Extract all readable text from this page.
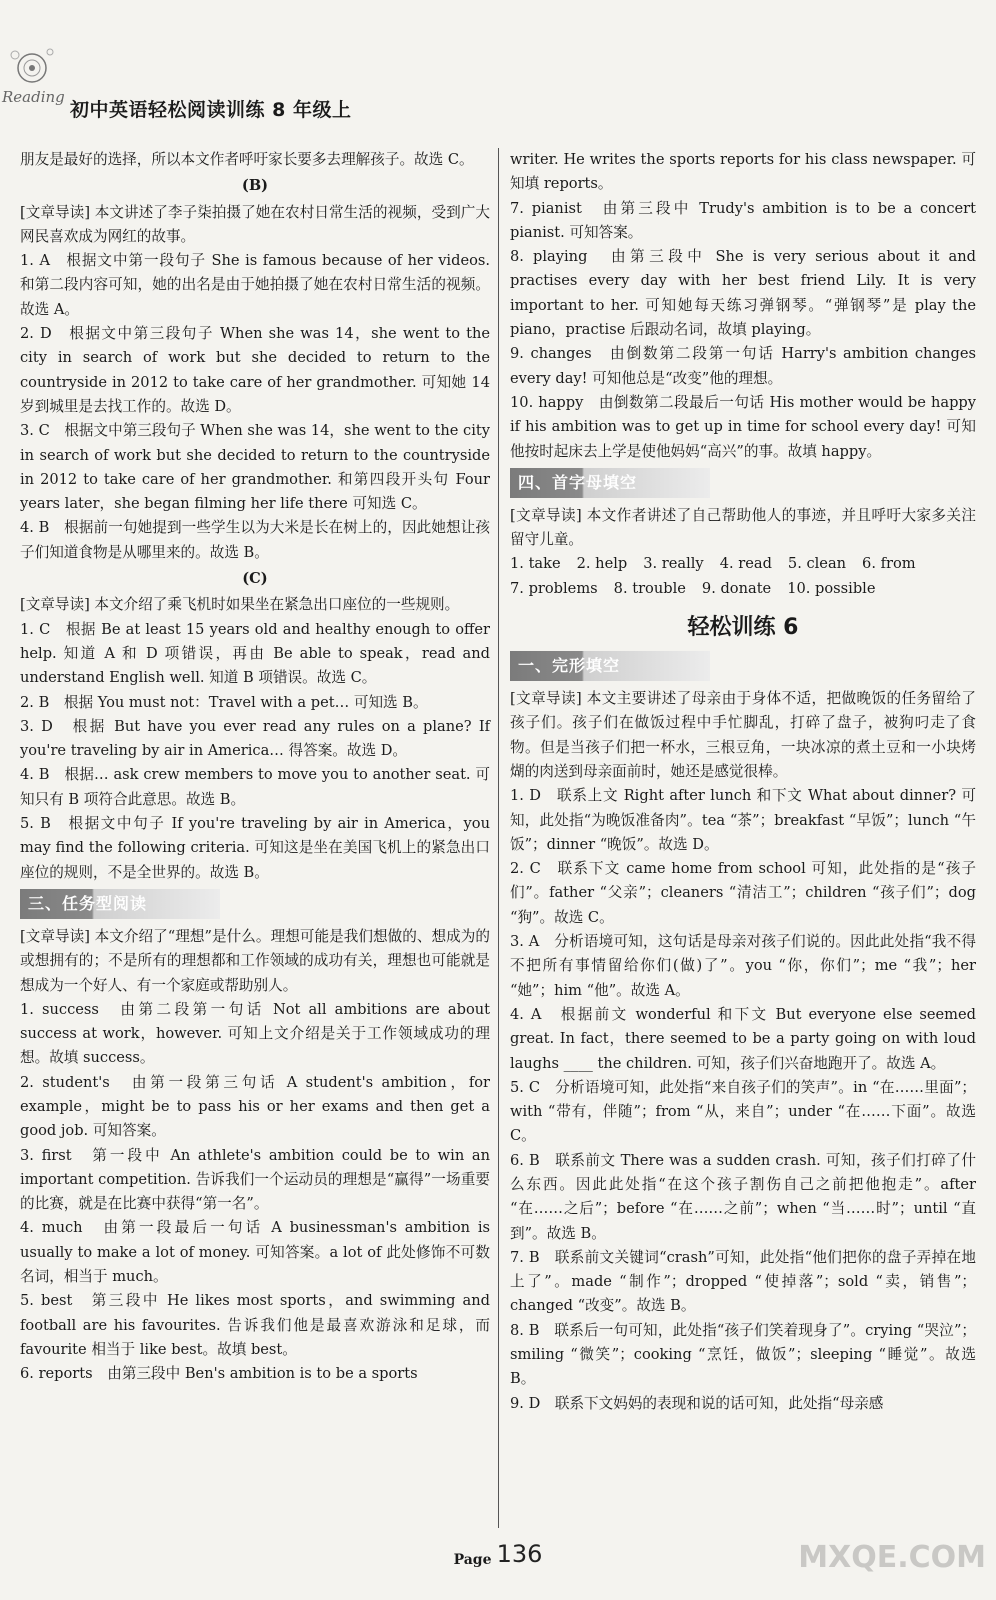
Reading
初中英语轻松阅读训练 8 年级上

朋友是最好的选择，所以本文作者呼吁家长要多去理解孩子。故选 C。

(B)

[文章导读] 本文讲述了李子柒拍摄了她在农村日常生活的视频，受到广大网民喜欢成为网红的故事。

1. A　根据文中第一段句子 She is famous because of her videos. 和第二段内容可知，她的出名是由于她拍摄了她在农村日常生活的视频。故选 A。

2. D　根据文中第三段句子 When she was 14，she went to the city in search of work but she decided to return to the countryside in 2012 to take care of her grandmother. 可知她 14 岁到城里是去找工作的。故选 D。

3. C　根据文中第三段句子 When she was 14，she went to the city in search of work but she decided to return to the countryside in 2012 to take care of her grandmother. 和第四段开头句 Four years later，she began filming her life there 可知选 C。

4. B　根据前一句她提到一些学生以为大米是长在树上的，因此她想让孩子们知道食物是从哪里来的。故选 B。

(C)

[文章导读] 本文介绍了乘飞机时如果坐在紧急出口座位的一些规则。

1. C　根据 Be at least 15 years old and healthy enough to offer help. 知道 A 和 D 项错误，再由 Be able to speak，read and understand English well. 知道 B 项错误。故选 C。

2. B　根据 You must not：Travel with a pet… 可知选 B。

3. D　根据 But have you ever read any rules on a plane? If you're traveling by air in America… 得答案。故选 D。

4. B　根据… ask crew members to move you to another seat. 可知只有 B 项符合此意思。故选 B。

5. B　根据文中句子 If you're traveling by air in America，you may find the following criteria. 可知这是坐在美国飞机上的紧急出口座位的规则，不是全世界的。故选 B。

三、任务型阅读

[文章导读] 本文介绍了“理想”是什么。理想可能是我们想做的、想成为的或想拥有的；不是所有的理想都和工作领域的成功有关，理想也可能就是想成为一个好人、有一个家庭或帮助别人。

1. success　由第二段第一句话 Not all ambitions are about success at work，however. 可知上文介绍是关于工作领域成功的理想。故填 success。

2. student's　由第一段第三句话 A student's ambition，for example，might be to pass his or her exams and then get a good job. 可知答案。

3. first　第一段中 An athlete's ambition could be to win an important competition. 告诉我们一个运动员的理想是“赢得”一场重要的比赛，就是在比赛中获得“第一名”。

4. much　由第一段最后一句话 A businessman's ambition is usually to make a lot of money. 可知答案。a lot of 此处修饰不可数名词，相当于 much。

5. best　第三段中 He likes most sports，and swimming and football are his favourites. 告诉我们他是最喜欢游泳和足球，而 favourite 相当于 like best。故填 best。

6. reports　由第三段中 Ben's ambition is to be a sports

writer. He writes the sports reports for his class newspaper. 可知填 reports。

7. pianist　由第三段中 Trudy's ambition is to be a concert pianist. 可知答案。

8. playing　由第三段中 She is very serious about it and practises every day with her best friend Lily. It is very important to her. 可知她每天练习弹钢琴。“弹钢琴”是 play the piano，practise 后跟动名词，故填 playing。

9. changes　由倒数第二段第一句话 Harry's ambition changes every day! 可知他总是“改变”他的理想。

10. happy　由倒数第二段最后一句话 His mother would be happy if his ambition was to get up in time for school every day! 可知他按时起床去上学是使他妈妈“高兴”的事。故填 happy。

四、首字母填空

[文章导读] 本文作者讲述了自己帮助他人的事迹，并且呼吁大家多关注留守儿童。

1. take 2. help 3. really 4. read 5. clean 6. from
7. problems 8. trouble 9. donate 10. possible

轻松训练 6

一、完形填空

[文章导读] 本文主要讲述了母亲由于身体不适，把做晚饭的任务留给了孩子们。孩子们在做饭过程中手忙脚乱，打碎了盘子，被狗叼走了食物。但是当孩子们把一杯水，三根豆角，一块冰凉的煮土豆和一小块烤煳的肉送到母亲面前时，她还是感觉很棒。

1. D　联系上文 Right after lunch 和下文 What about dinner? 可知，此处指“为晚饭准备肉”。tea “茶”；breakfast “早饭”；lunch “午饭”；dinner “晚饭”。故选 D。

2. C　联系下文 came home from school 可知，此处指的是“孩子们”。father “父亲”；cleaners “清洁工”；children “孩子们”；dog “狗”。故选 C。

3. A　分析语境可知，这句话是母亲对孩子们说的。因此此处指“我不得不把所有事情留给你们(做)了”。you “你，你们”；me “我”；her “她”；him “他”。故选 A。

4. A　根据前文 wonderful 和下文 But everyone else seemed great. In fact，there seemed to be a party going on with loud laughs ____ the children. 可知，孩子们兴奋地跑开了。故选 A。

5. C　分析语境可知，此处指“来自孩子们的笑声”。in “在……里面”；with “带有，伴随”；from “从，来自”；under “在……下面”。故选 C。

6. B　联系前文 There was a sudden crash. 可知，孩子们打碎了什么东西。因此此处指“在这个孩子割伤自己之前把他抱走”。after “在……之后”；before “在……之前”；when “当……时”；until “直到”。故选 B。

7. B　联系前文关键词“crash”可知，此处指“他们把你的盘子弄掉在地上了”。made “制作”；dropped “使掉落”；sold “卖，销售”；changed “改变”。故选 B。

8. B　联系后一句可知，此处指“孩子们笑着现身了”。crying “哭泣”；smiling “微笑”；cooking “烹饪，做饭”；sleeping “睡觉”。故选 B。

9. D　联系下文妈妈的表现和说的话可知，此处指“母亲感

Page 136	MXQE.COM
